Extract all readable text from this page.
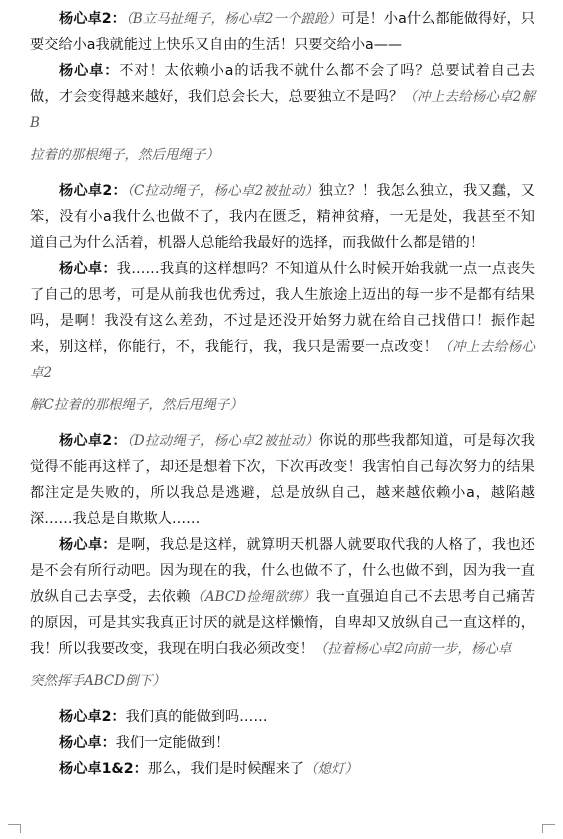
杨心卓2：（B立马扯绳子，杨心卓2一个踉跄）可是！小a什么都能做得好，只要交给小a我就能过上快乐又自由的生活！只要交给小a——

杨心卓：不对！太依赖小a的话我不就什么都不会了吗？总要试着自己去做，才会变得越来越好，我们总会长大，总要独立不是吗？（冲上去给杨心卓2解B

拉着的那根绳子，然后甩绳子）

杨心卓2：（C拉动绳子，杨心卓2被扯动）独立？！我怎么独立，我又蠢，又笨，没有小a我什么也做不了，我内在匮乏，精神贫瘠，一无是处，我甚至不知道自己为什么活着，机器人总能给我最好的选择，而我做什么都是错的！

杨心卓：我……我真的这样想吗？不知道从什么时候开始我就一点一点丧失了自己的思考，可是从前我也优秀过，我人生旅途上迈出的每一步不是都有结果吗，是啊！我没有这么差劲，不过是还没开始努力就在给自己找借口！振作起来，别这样，你能行，不，我能行，我，我只是需要一点改变！（冲上去给杨心卓2

解C拉着的那根绳子，然后甩绳子）

杨心卓2：（D拉动绳子，杨心卓2被扯动）你说的那些我都知道，可是每次我觉得不能再这样了，却还是想着下次，下次再改变！我害怕自己每次努力的结果都注定是失败的，所以我总是逃避，总是放纵自己，越来越依赖小a，越陷越深……我总是自欺欺人……

杨心卓：是啊，我总是这样，就算明天机器人就要取代我的人格了，我也还是不会有所行动吧。因为现在的我，什么也做不了，什么也做不到，因为我一直放纵自己去享受，去依赖（ABCD捡绳欲绑）我一直强迫自己不去思考自己痛苦的原因，可是其实我真正讨厌的就是这样懒惰，自卑却又放纵自己一直这样的，我！所以我要改变，我现在明白我必须改变！（拉着杨心卓2向前一步，杨心卓

突然挥手ABCD倒下）

杨心卓2：我们真的能做到吗……

杨心卓：我们一定能做到！

杨心卓1&2：那么，我们是时候醒来了（熄灯）
